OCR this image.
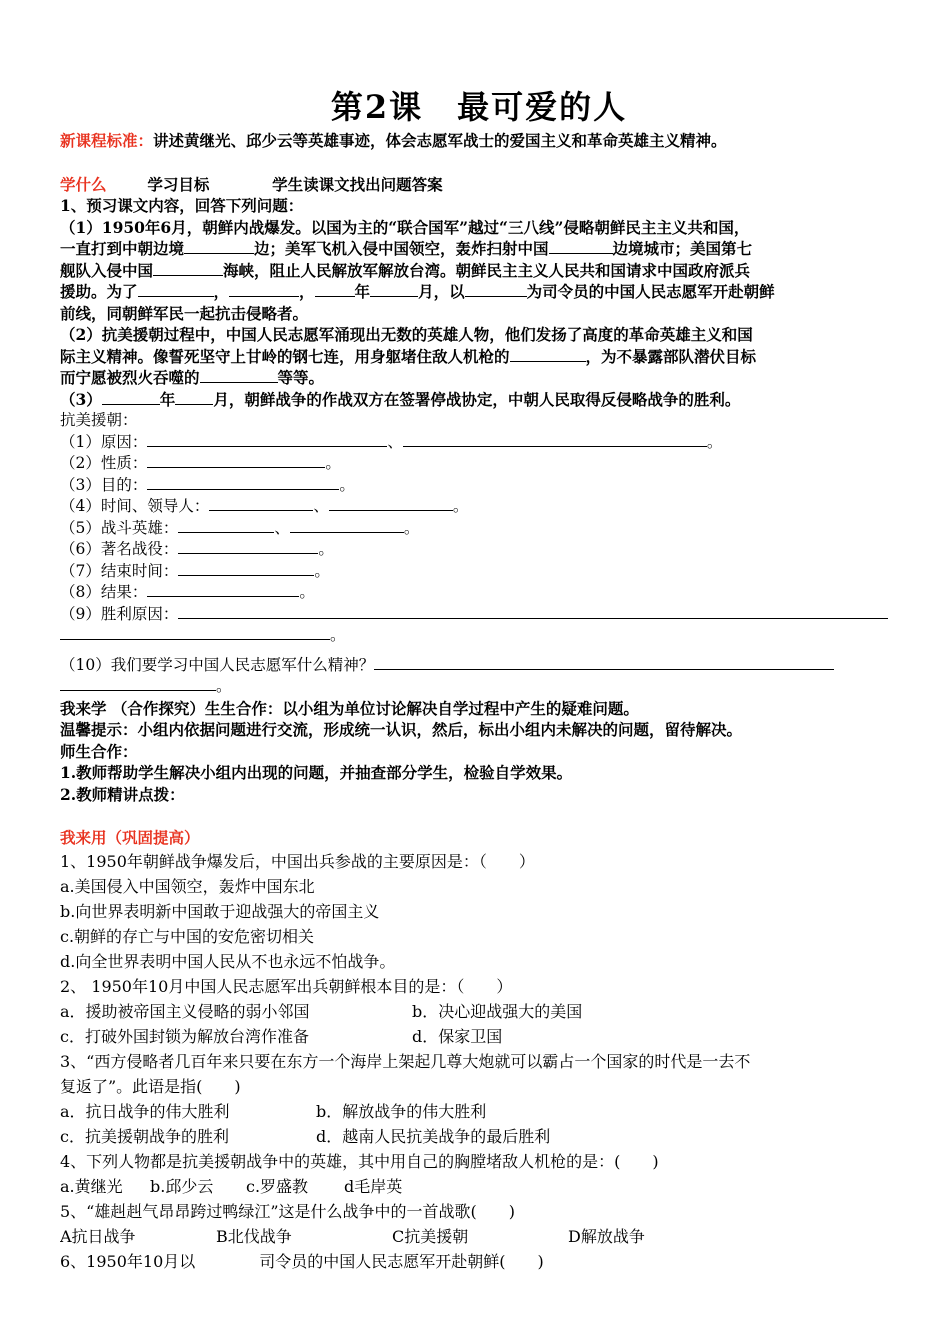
第2课　最可爱的人
新课程标准：讲述黄继光、邱少云等英雄事迹，体会志愿军战士的爱国主义和革命英雄主义精神。
学什么	学习目标	学生读课文找出问题答案
1、预习课文内容，回答下列问题：
（1）1950年6月，朝鲜内战爆发。以国为主的“联合国军”越过“三八线”侵略朝鲜民主主义共和国，
一直打到中朝边境	边；美军飞机入侵中国领空，轰炸扫射中国	边境城市；美国第七
舰队入侵中国	海峡，阻止人民解放军解放台湾。朝鲜民主主义人民共和国请求中国政府派兵
援助。为了	，	，	年	月，以	为司令员的中国人民志愿军开赴朝鲜
前线，同朝鲜军民一起抗击侵略者。
（2）抗美援朝过程中，中国人民志愿军涌现出无数的英雄人物，他们发扬了高度的革命英雄主义和国
际主义精神。像誓死坚守上甘岭的钢七连，用身躯堵住敌人机枪的	，为不暴露部队潜伏目标
而宁愿被烈火吞噬的	等等。
（3）	年 月，朝鲜战争的作战双方在签署停战协定，中朝人民取得反侵略战争的胜利。
抗美援朝：
（1）原因：	、	。
（2）性质：	。
（3）目的：	。
（4）时间、领导人：	、	。
（5）战斗英雄：	、	。
（6）著名战役：	。
（7）结束时间：	。
（8）结果：	。
（9）胜利原因：
。
（10）我们要学习中国人民志愿军什么精神？
。
我来学 （合作探究）生生合作：以小组为单位讨论解决自学过程中产生的疑难问题。
温馨提示：小组内依据问题进行交流，形成统一认识，然后，标出小组内未解决的问题，留待解决。
师生合作：
1.教师帮助学生解决小组内出现的问题，并抽查部分学生，检验自学效果。
2.教师精讲点拨：
我来用（巩固提高）
1、1950年朝鲜战争爆发后，中国出兵参战的主要原因是：（　　）
a.美国侵入中国领空，轰炸中国东北
b.向世界表明新中国敢于迎战强大的帝国主义
c.朝鲜的存亡与中国的安危密切相关
d.向全世界表明中国人民从不也永远不怕战争。
2、 1950年10月中国人民志愿军出兵朝鲜根本目的是：（　　）
a．援助被帝国主义侵略的弱小邻国	b．决心迎战强大的美国
c．打破外国封锁为解放台湾作准备	d．保家卫国
3、“西方侵略者几百年来只要在东方一个海岸上架起几尊大炮就可以霸占一个国家的时代是一去不
复返了”。此语是指(　　)
a．抗日战争的伟大胜利	b．解放战争的伟大胜利
c．抗美援朝战争的胜利	d．越南人民抗美战争的最后胜利
4、下列人物都是抗美援朝战争中的英雄，其中用自己的胸膛堵敌人机枪的是：(　　)
a.黄继光 b.邱少云 c.罗盛教 d毛岸英
5、“雄赳赳气昂昂跨过鸭绿江”这是什么战争中的一首战歌(　　)
A抗日战争	B北伐战争	C抗美援朝	D解放战争
6、1950年10月以　　　　司令员的中国人民志愿军开赴朝鲜(　　)
